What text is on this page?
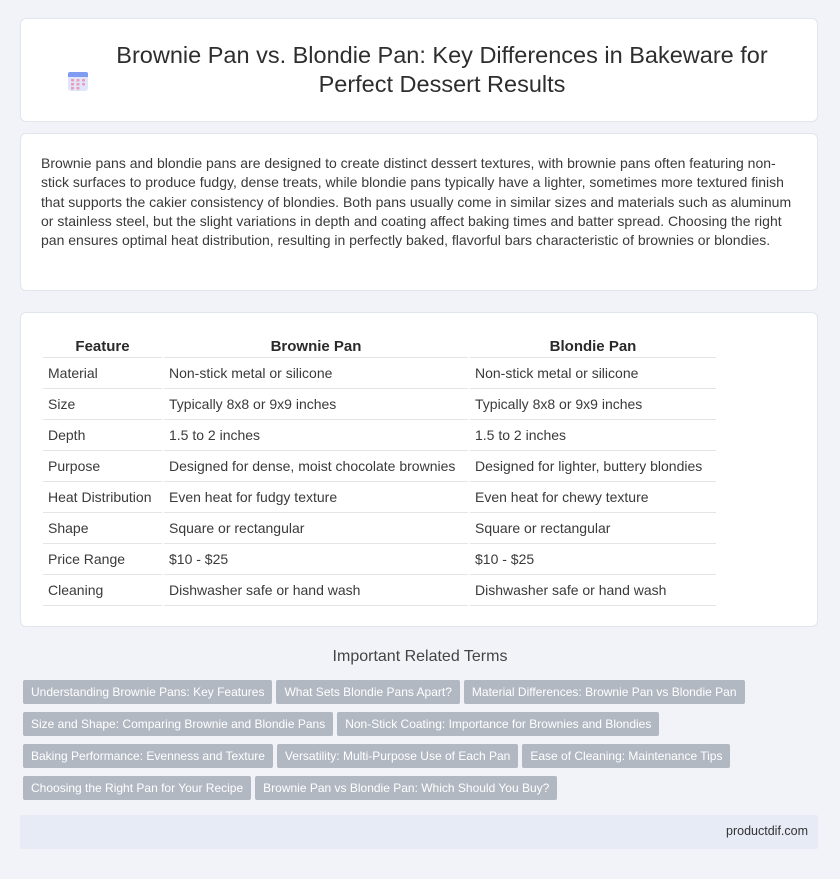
Brownie Pan vs. Blondie Pan: Key Differences in Bakeware for Perfect Dessert Results

Brownie pans and blondie pans are designed to create distinct dessert textures, with brownie pans often featuring non-stick surfaces to produce fudgy, dense treats, while blondie pans typically have a lighter, sometimes more textured finish that supports the cakier consistency of blondies. Both pans usually come in similar sizes and materials such as aluminum or stainless steel, but the slight variations in depth and coating affect baking times and batter spread. Choosing the right pan ensures optimal heat distribution, resulting in perfectly baked, flavorful bars characteristic of brownies or blondies.

Feature	Brownie Pan	Blondie Pan
Material	Non-stick metal or silicone	Non-stick metal or silicone
Size	Typically 8x8 or 9x9 inches	Typically 8x8 or 9x9 inches
Depth	1.5 to 2 inches	1.5 to 2 inches
Purpose	Designed for dense, moist chocolate brownies	Designed for lighter, buttery blondies
Heat Distribution	Even heat for fudgy texture	Even heat for chewy texture
Shape	Square or rectangular	Square or rectangular
Price Range	$10 - $25	$10 - $25
Cleaning	Dishwasher safe or hand wash	Dishwasher safe or hand wash
Important Related Terms
Understanding Brownie Pans: Key Features What Sets Blondie Pans Apart? Material Differences: Brownie Pan vs Blondie Pan
Size and Shape: Comparing Brownie and Blondie Pans Non-Stick Coating: Importance for Brownies and Blondies
Baking Performance: Evenness and Texture Versatility: Multi-Purpose Use of Each Pan Ease of Cleaning: Maintenance Tips
Choosing the Right Pan for Your Recipe Brownie Pan vs Blondie Pan: Which Should You Buy?
productdif.com
